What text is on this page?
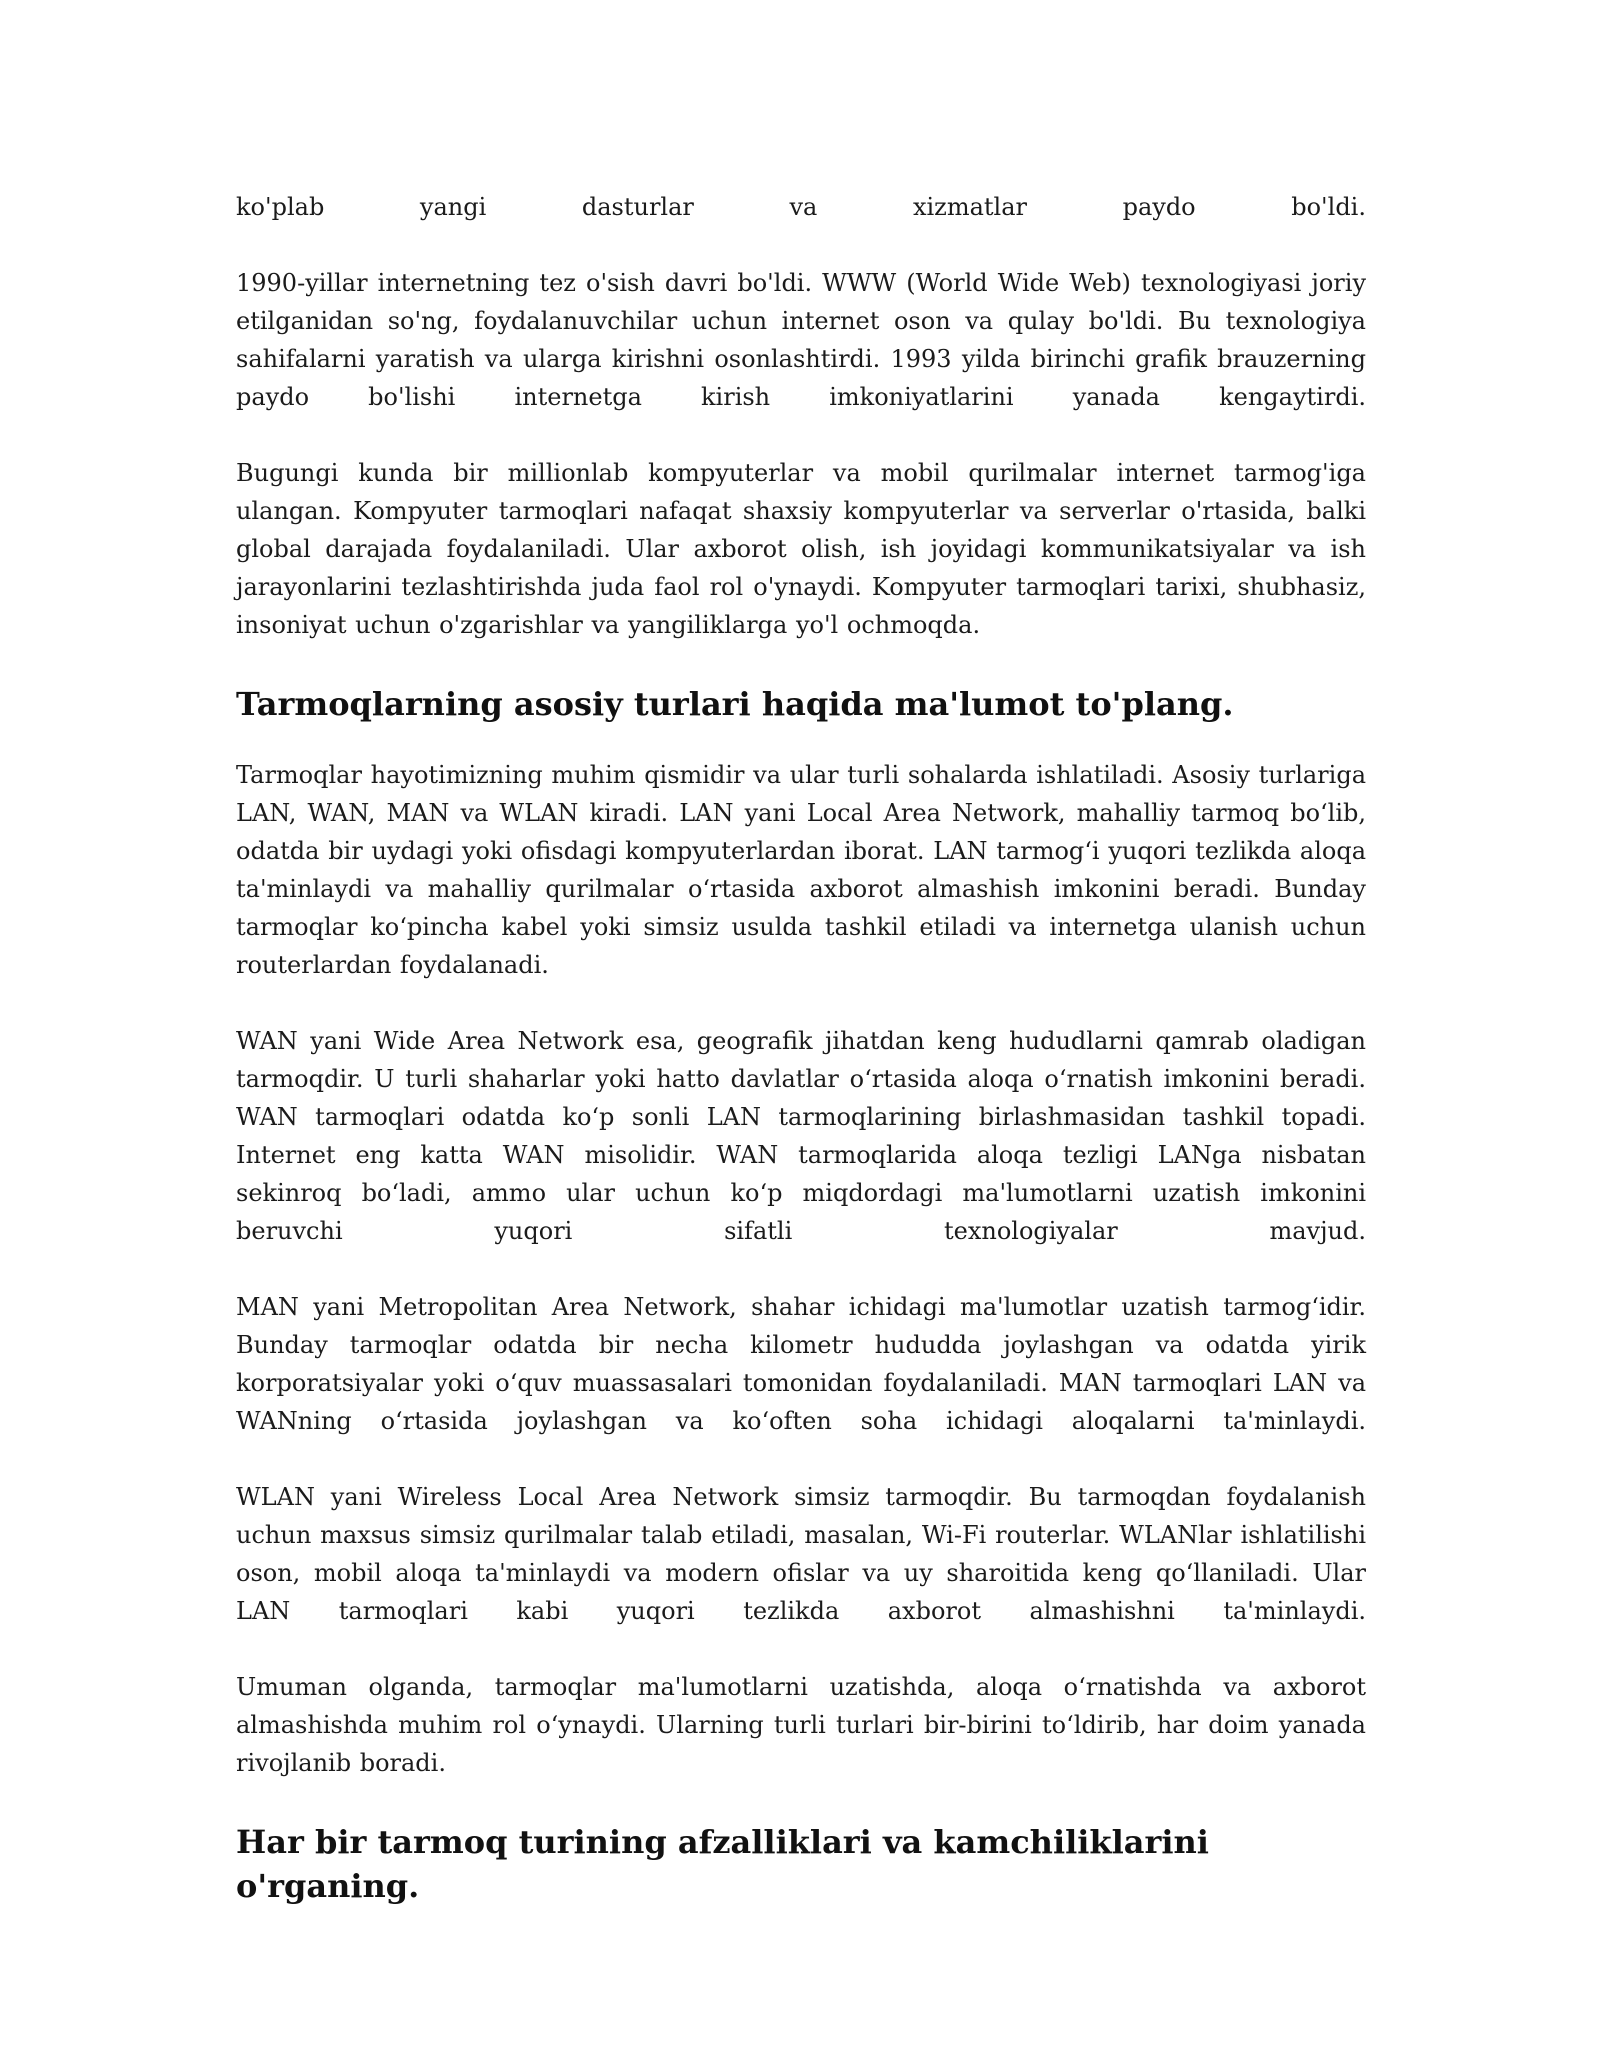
ko'plab yangi dasturlar va xizmatlar paydo bo'ldi.

1990-yillar internetning tez o'sish davri bo'ldi. WWW (World Wide Web) texnologiyasi joriy etilganidan so'ng, foydalanuvchilar uchun internet oson va qulay bo'ldi. Bu texnologiya sahifalarni yaratish va ularga kirishni osonlashtirdi. 1993 yilda birinchi grafik brauzerning paydo bo'lishi internetga kirish imkoniyatlarini yanada kengaytirdi.

Bugungi kunda bir millionlab kompyuterlar va mobil qurilmalar internet tarmog'iga ulangan. Kompyuter tarmoqlari nafaqat shaxsiy kompyuterlar va serverlar o'rtasida, balki global darajada foydalaniladi. Ular axborot olish, ish joyidagi kommunikatsiyalar va ish jarayonlarini tezlashtirishda juda faol rol o'ynaydi. Kompyuter tarmoqlari tarixi, shubhasiz, insoniyat uchun o'zgarishlar va yangiliklarga yo'l ochmoqda.

Tarmoqlarning asosiy turlari haqida ma'lumot to'plang.

Tarmoqlar hayotimizning muhim qismidir va ular turli sohalarda ishlatiladi. Asosiy turlariga LAN, WAN, MAN va WLAN kiradi. LAN yani Local Area Network, mahalliy tarmoq bo‘lib, odatda bir uydagi yoki ofisdagi kompyuterlardan iborat. LAN tarmog‘i yuqori tezlikda aloqa ta'minlaydi va mahalliy qurilmalar o‘rtasida axborot almashish imkonini beradi. Bunday tarmoqlar ko‘pincha kabel yoki simsiz usulda tashkil etiladi va internetga ulanish uchun routerlardan foydalanadi.

WAN yani Wide Area Network esa, geografik jihatdan keng hududlarni qamrab oladigan tarmoqdir. U turli shaharlar yoki hatto davlatlar o‘rtasida aloqa o‘rnatish imkonini beradi. WAN tarmoqlari odatda ko‘p sonli LAN tarmoqlarining birlashmasidan tashkil topadi. Internet eng katta WAN misolidir. WAN tarmoqlarida aloqa tezligi LANga nisbatan sekinroq bo‘ladi, ammo ular uchun ko‘p miqdordagi ma'lumotlarni uzatish imkonini beruvchi yuqori sifatli texnologiyalar mavjud.

MAN yani Metropolitan Area Network, shahar ichidagi ma'lumotlar uzatish tarmog‘idir. Bunday tarmoqlar odatda bir necha kilometr hududda joylashgan va odatda yirik korporatsiyalar yoki o‘quv muassasalari tomonidan foydalaniladi. MAN tarmoqlari LAN va WANning o‘rtasida joylashgan va ko‘often soha ichidagi aloqalarni ta'minlaydi.

WLAN yani Wireless Local Area Network simsiz tarmoqdir. Bu tarmoqdan foydalanish uchun maxsus simsiz qurilmalar talab etiladi, masalan, Wi-Fi routerlar. WLANlar ishlatilishi oson, mobil aloqa ta'minlaydi va modern ofislar va uy sharoitida keng qo‘llaniladi. Ular LAN tarmoqlari kabi yuqori tezlikda axborot almashishni ta'minlaydi.

Umuman olganda, tarmoqlar ma'lumotlarni uzatishda, aloqa o‘rnatishda va axborot almashishda muhim rol o‘ynaydi. Ularning turli turlari bir-birini to‘ldirib, har doim yanada rivojlanib boradi.

Har bir tarmoq turining afzalliklari va kamchiliklarini o'rganing.
